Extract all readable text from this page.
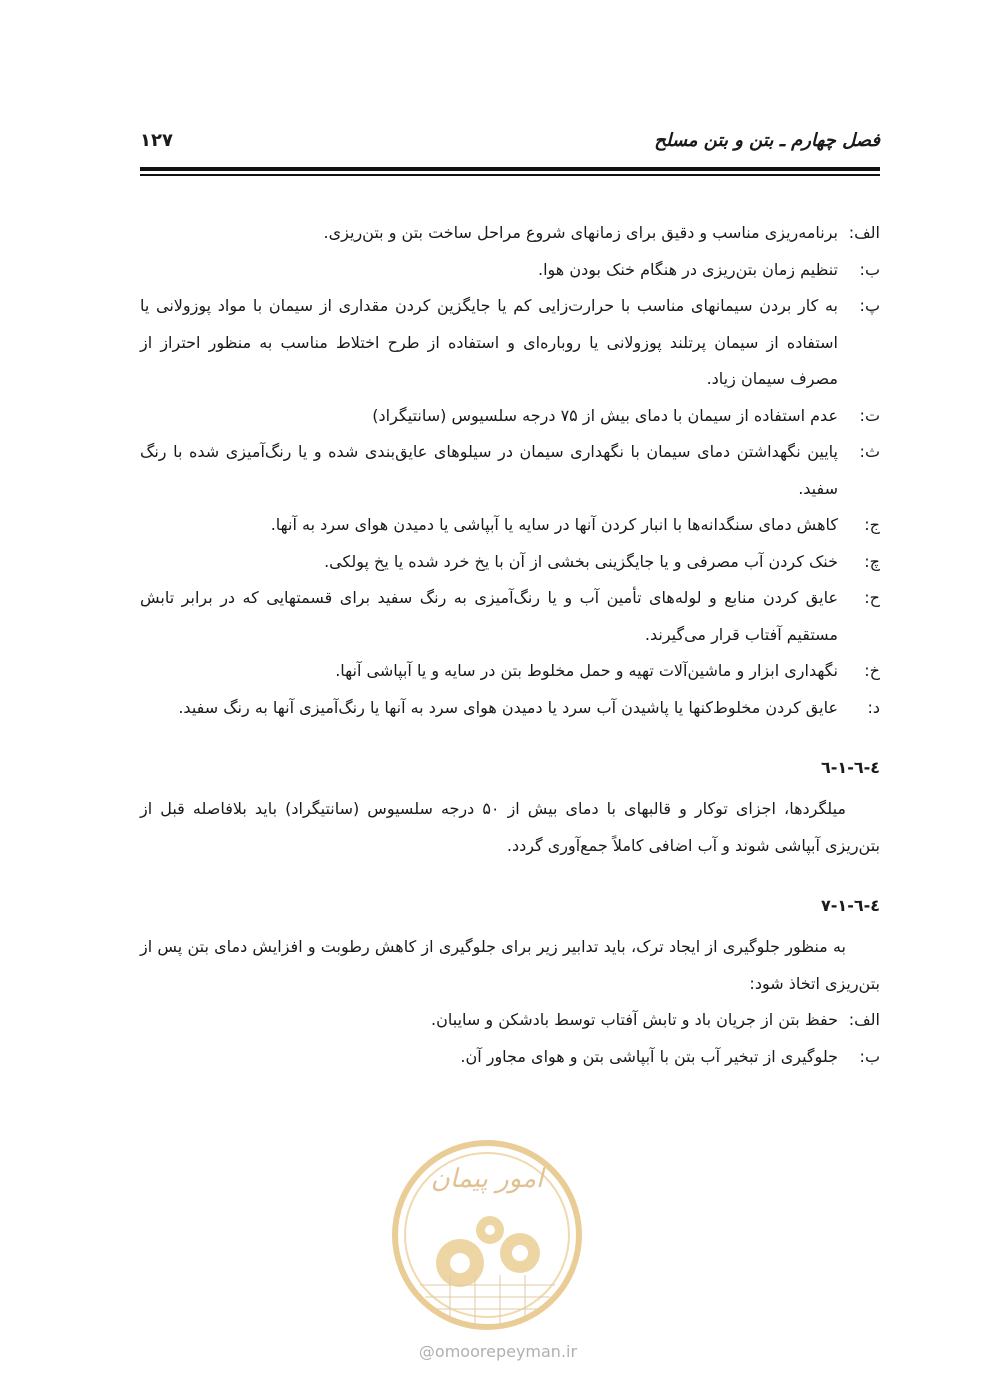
فصل چهارم ـ بتن و بتن مسلح
۱۲۷
الف:
برنامه‌ریزی مناسب و دقیق برای زمانهای شروع مراحل ساخت بتن و بتن‌ریزی.
ب:
تنظیم زمان بتن‌ریزی در هنگام خنک بودن هوا.
پ:
به کار بردن سیمانهای مناسب با حرارت‌زایی کم یا جایگزین کردن مقداری از سیمان با مواد پوزولانی یا استفاده از سیمان پرتلند پوزولانی یا روباره‌ای و استفاده از طرح اختلاط مناسب به منظور احتراز از مصرف سیمان زیاد.
ت:
عدم استفاده از سیمان با دمای بیش از ۷۵ درجه سلسیوس (سانتیگراد)
ث:
پایین نگهداشتن دمای سیمان با نگهداری سیمان در سیلوهای عایق‌بندی شده و یا رنگ‌آمیزی شده با رنگ سفید.
ج:
کاهش دمای سنگدانه‌ها با انبار کردن آنها در سایه یا آبپاشی یا دمیدن هوای سرد به آنها.
چ:
خنک کردن آب مصرفی و یا جایگزینی بخشی از آن با یخ خرد شده یا یخ پولکی.
ح:
عایق کردن منابع و لوله‌های تأمین آب و یا رنگ‌آمیزی به رنگ سفید برای قسمتهایی که در برابر تابش مستقیم آفتاب قرار می‌گیرند.
خ:
نگهداری ابزار و ماشین‌آلات تهیه و حمل مخلوط بتن در سایه و یا آبپاشی آنها.
د:
عایق کردن مخلوط‌کنها یا پاشیدن آب سرد یا دمیدن هوای سرد به آنها یا رنگ‌آمیزی آنها به رنگ سفید.
٤-٦-١-٦

میلگردها، اجزای توکار و قالبهای با دمای بیش از ۵۰ درجه سلسیوس (سانتیگراد) باید بلافاصله قبل از بتن‌ریزی آبپاشی شوند و آب اضافی کاملاً جمع‌آوری گردد.

٤-٦-١-٧

به منظور جلوگیری از ایجاد ترک، باید تدابیر زیر برای جلوگیری از کاهش رطوبت و افزایش دمای بتن پس از بتن‌ریزی اتخاذ شود:

الف:
حفظ بتن از جریان باد و تابش آفتاب توسط بادشکن و سایبان.
ب:
جلوگیری از تبخیر آب بتن با آبپاشی بتن و هوای مجاور آن.
امور پیمان
@omoorepeyman.ir
